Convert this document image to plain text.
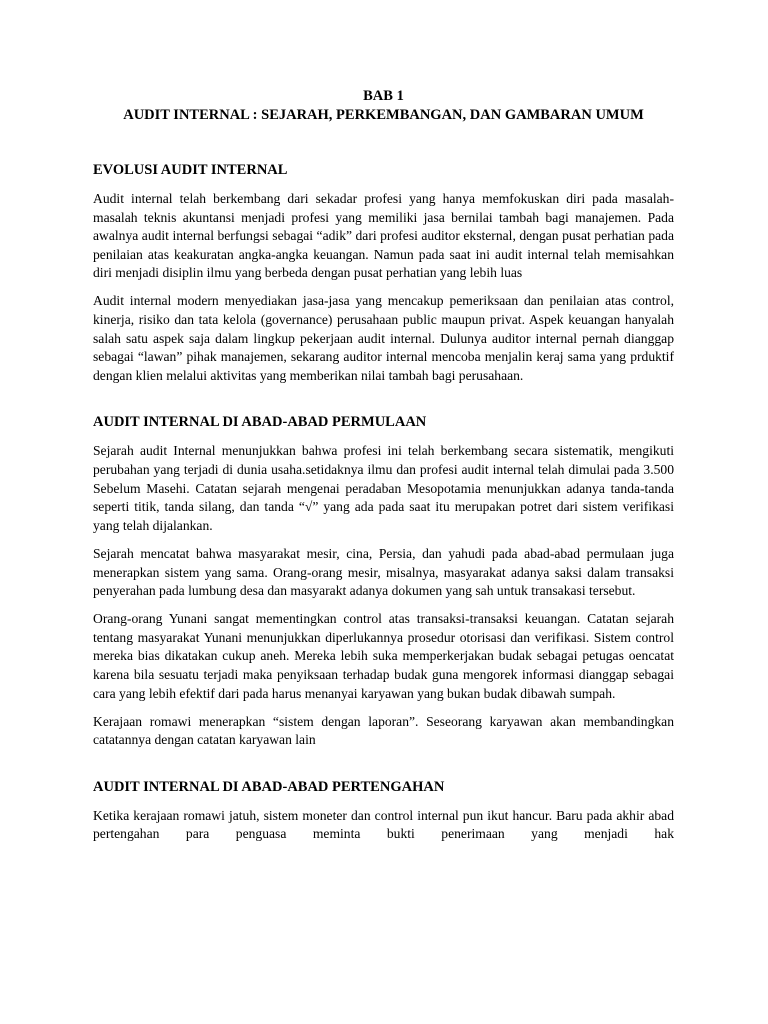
BAB 1

AUDIT INTERNAL : SEJARAH, PERKEMBANGAN, DAN GAMBARAN UMUM

EVOLUSI AUDIT INTERNAL

Audit internal telah berkembang dari sekadar profesi yang hanya memfokuskan diri pada masalah-masalah teknis akuntansi menjadi profesi yang memiliki jasa bernilai tambah bagi manajemen. Pada awalnya audit internal berfungsi sebagai “adik” dari profesi auditor eksternal, dengan pusat perhatian pada penilaian atas keakuratan angka-angka keuangan. Namun pada saat ini audit internal telah memisahkan diri menjadi disiplin ilmu yang berbeda dengan pusat perhatian yang lebih luas

Audit internal modern menyediakan jasa-jasa yang mencakup pemeriksaan dan penilaian atas control, kinerja, risiko dan tata kelola (governance) perusahaan public maupun privat. Aspek keuangan hanyalah salah satu aspek saja dalam lingkup pekerjaan audit internal. Dulunya auditor internal pernah dianggap sebagai “lawan” pihak manajemen, sekarang auditor internal mencoba menjalin keraj sama yang prduktif dengan klien melalui aktivitas yang memberikan nilai tambah bagi perusahaan.

AUDIT INTERNAL DI ABAD-ABAD PERMULAAN

Sejarah audit Internal menunjukkan bahwa profesi ini telah berkembang secara sistematik, mengikuti perubahan yang terjadi di dunia usaha.setidaknya ilmu dan profesi audit internal telah dimulai pada 3.500 Sebelum Masehi. Catatan sejarah mengenai peradaban Mesopotamia menunjukkan adanya tanda-tanda seperti titik, tanda silang, dan tanda “√” yang ada pada saat itu merupakan potret dari sistem verifikasi yang telah dijalankan.

Sejarah mencatat bahwa masyarakat mesir, cina, Persia, dan yahudi pada abad-abad permulaan juga menerapkan sistem yang sama. Orang-orang mesir, misalnya, masyarakat adanya saksi dalam transaksi penyerahan pada lumbung desa dan masyarakt adanya dokumen yang sah untuk transakasi tersebut.

Orang-orang Yunani sangat mementingkan control atas transaksi-transaksi keuangan. Catatan sejarah tentang masyarakat Yunani menunjukkan diperlukannya prosedur otorisasi dan verifikasi. Sistem control mereka bias dikatakan cukup aneh. Mereka lebih suka memperkerjakan budak sebagai petugas oencatat karena bila sesuatu terjadi maka penyiksaan terhadap budak guna mengorek informasi dianggap sebagai cara yang lebih efektif dari pada harus menanyai karyawan yang bukan budak dibawah sumpah.

Kerajaan romawi menerapkan “sistem dengan laporan”. Seseorang karyawan akan membandingkan catatannya dengan catatan karyawan lain

AUDIT INTERNAL DI ABAD-ABAD PERTENGAHAN

Ketika kerajaan romawi jatuh, sistem moneter dan control internal pun ikut hancur. Baru pada akhir abad pertengahan para penguasa meminta bukti penerimaan yang menjadi hak
